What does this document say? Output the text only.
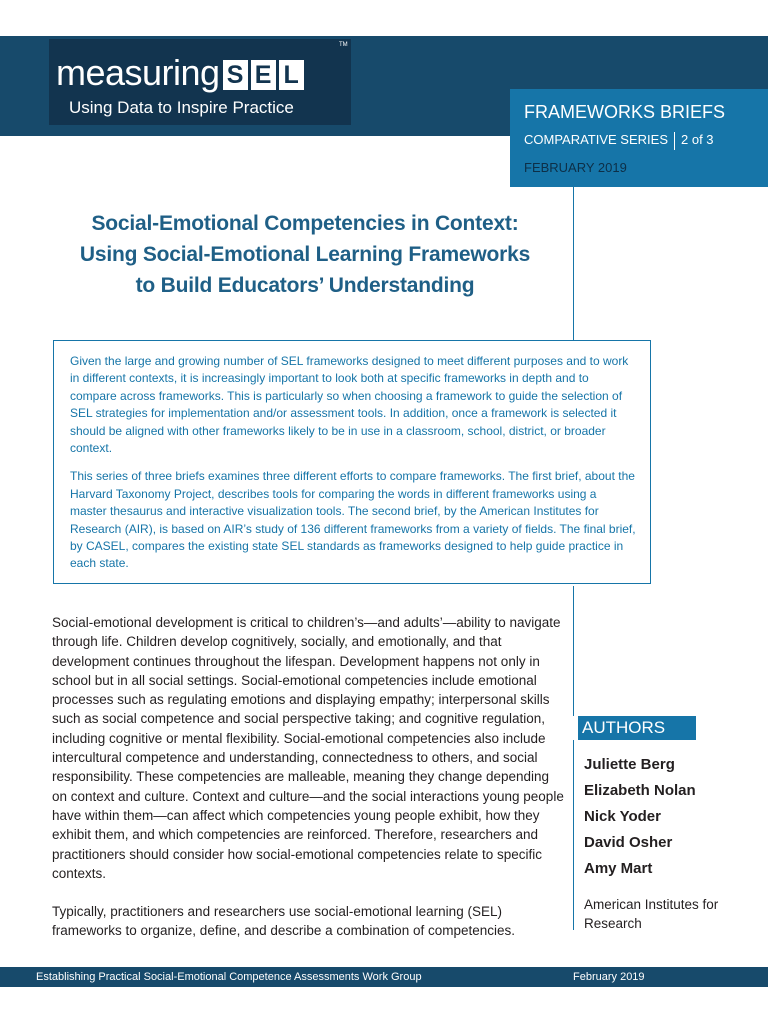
measuring S E L
TM
Using Data to Inspire Practice	FRAMEWORKS BRIEFS
COMPARATIVE SERIES 2 of 3
FEBRUARY 2019
Social-Emotional Competencies in Context:
Using Social-Emotional Learning Frameworks
to Build Educators’ Understanding

Given the large and growing number of SEL frameworks designed to meet different purposes and to work in different contexts, it is increasingly important to look both at specific frameworks in depth and to compare across frameworks. This is particularly so when choosing a framework to guide the selection of SEL strategies for implementation and/or assessment tools. In addition, once a framework is selected it should be aligned with other frameworks likely to be in use in a classroom, school, district, or broader context.

This series of three briefs examines three different efforts to compare frameworks. The first brief, about the Harvard Taxonomy Project, describes tools for comparing the words in different frameworks using a master thesaurus and interactive visualization tools. The second brief, by the American Institutes for Research (AIR), is based on AIR’s study of 136 different frameworks from a variety of fields. The final brief, by CASEL, compares the existing state SEL standards as frameworks designed to help guide practice in each state.

Social-emotional development is critical to children’s—and adults’—ability to navigate through life. Children develop cognitively, socially, and emotionally, and that development continues throughout the lifespan. Development happens not only in school but in all social settings. Social-emotional competencies include emotional processes such as regulating emotions and displaying empathy; interpersonal skills such as social competence and social perspective taking; and cognitive regulation, including cognitive or mental flexibility. Social-emotional competencies also include intercultural competence and understanding, connectedness to others, and social responsibility. These competencies are malleable, meaning they change depending on context and culture. Context and culture—and the social interactions young people have within them—can affect which competencies young people exhibit, how they exhibit them, and which competencies are reinforced. Therefore, researchers and practitioners should consider how social-emotional competencies relate to specific contexts.

Typically, practitioners and researchers use social-emotional learning (SEL) frameworks to organize, define, and describe a combination of competencies.

AUTHORS
Juliette Berg
Elizabeth Nolan
Nick Yoder
David Osher
Amy Mart
American Institutes for Research
Establishing Practical Social-Emotional Competence Assessments Work Group	February 2019
